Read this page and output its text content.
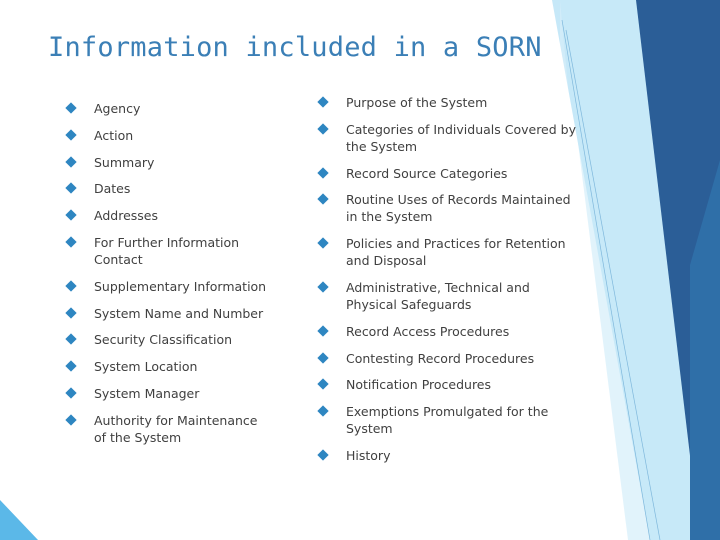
Information included in a SORN
Agency
Action
Summary
Dates
Addresses
For Further Information Contact
Supplementary Information
System Name and Number
Security Classification
System Location
System Manager
Authority for Maintenance of the System
Purpose of the System
Categories of Individuals Covered by the System
Record Source Categories
Routine Uses of Records Maintained in the System
Policies and Practices for Retention and Disposal
Administrative, Technical and Physical Safeguards
Record Access Procedures
Contesting Record Procedures
Notification Procedures
Exemptions Promulgated for the System
History
